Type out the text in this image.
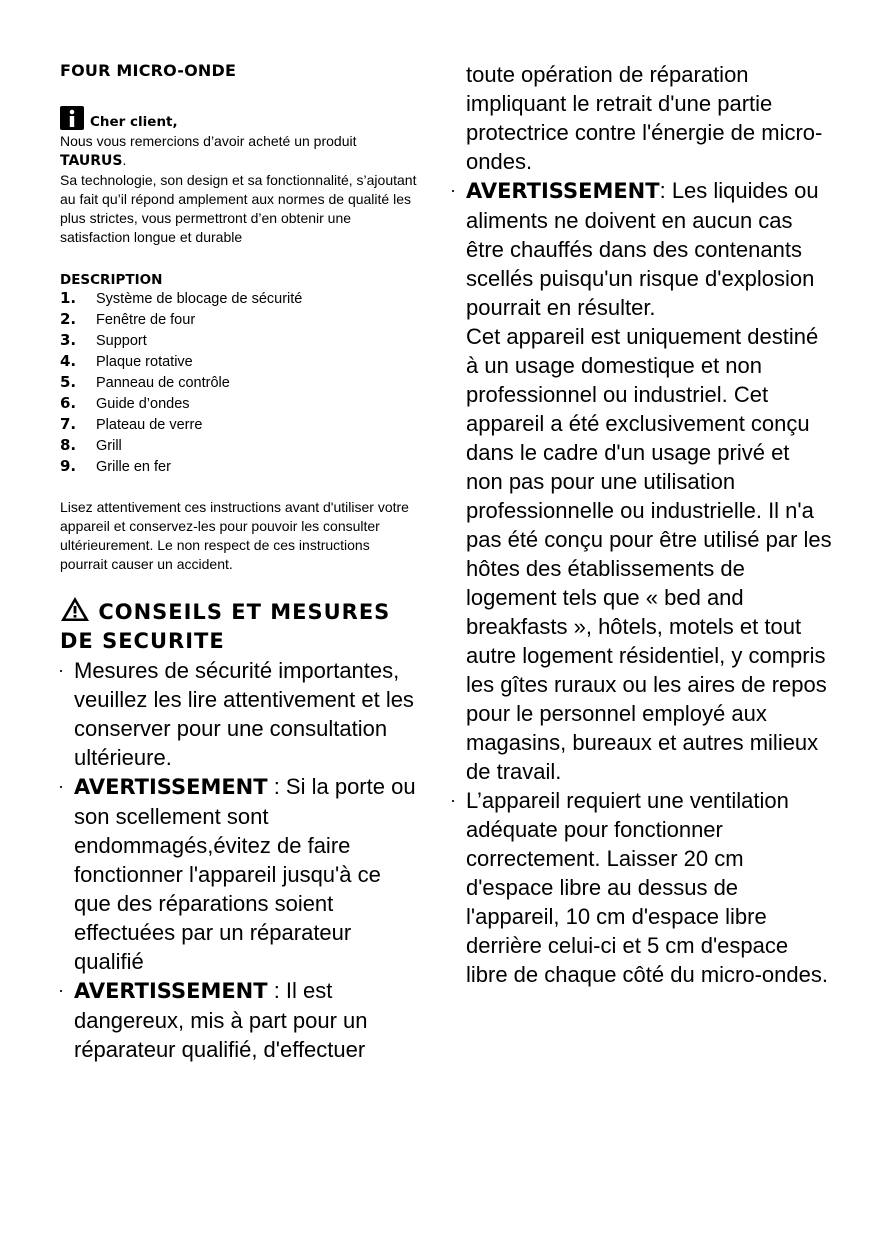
FOUR MICRO-ONDE
Cher client,

Nous vous remercions d’avoir acheté un produit TAURUS.

Sa technologie, son design et sa fonctionnalité, s’ajoutant au fait qu’il répond amplement aux normes de qualité les plus strictes, vous permettront d’en obtenir une satisfaction longue et durable

DESCRIPTION
1.	Système de blocage de sécurité
2.	Fenêtre de four
3.	Support
4.	Plaque rotative
5.	Panneau de contrôle
6.	Guide d’ondes
7.	Plateau de verre
8.	Grill
9.	Grille en fer

Lisez attentivement ces instructions avant d'utiliser votre appareil et conservez-les pour pouvoir les consulter ultérieurement. Le non respect de ces instructions pourrait causer un accident.

CONSEILS ET MESURES DE SECURITE

· Mesures de sécurité importantes, veuillez les lire attentivement et les conserver pour une consultation ultérieure.

· AVERTISSEMENT : Si la porte ou son scellement sont endommagés,évitez de faire fonctionner l'appareil jusqu'à ce que des réparations soient effectuées par un réparateur qualifié

· AVERTISSEMENT : Il est dangereux, mis à part pour un réparateur qualifié, d'effectuer

toute opération de réparation impliquant le retrait d'une partie protectrice contre l'énergie de micro-ondes.

· AVERTISSEMENT: Les liquides ou aliments ne doivent en aucun cas être chauffés dans des contenants scellés puisqu'un risque d'explosion pourrait en résulter.

Cet appareil est uniquement destiné à un usage domestique et non professionnel ou industriel. Cet appareil a été exclusivement conçu dans le cadre d'un usage privé et non pas pour une utilisation professionnelle ou industrielle. Il n'a pas été conçu pour être utilisé par les hôtes des établissements de logement tels que « bed and breakfasts », hôtels, motels et tout autre logement résidentiel, y compris les gîtes ruraux ou les aires de repos pour le personnel employé aux magasins, bureaux et autres milieux de travail.

· L’appareil requiert une ventilation adéquate pour fonctionner correctement. Laisser 20 cm d'espace libre au dessus de l'appareil, 10 cm d'espace libre derrière celui-ci et 5 cm d'espace libre de chaque côté du micro-ondes.
